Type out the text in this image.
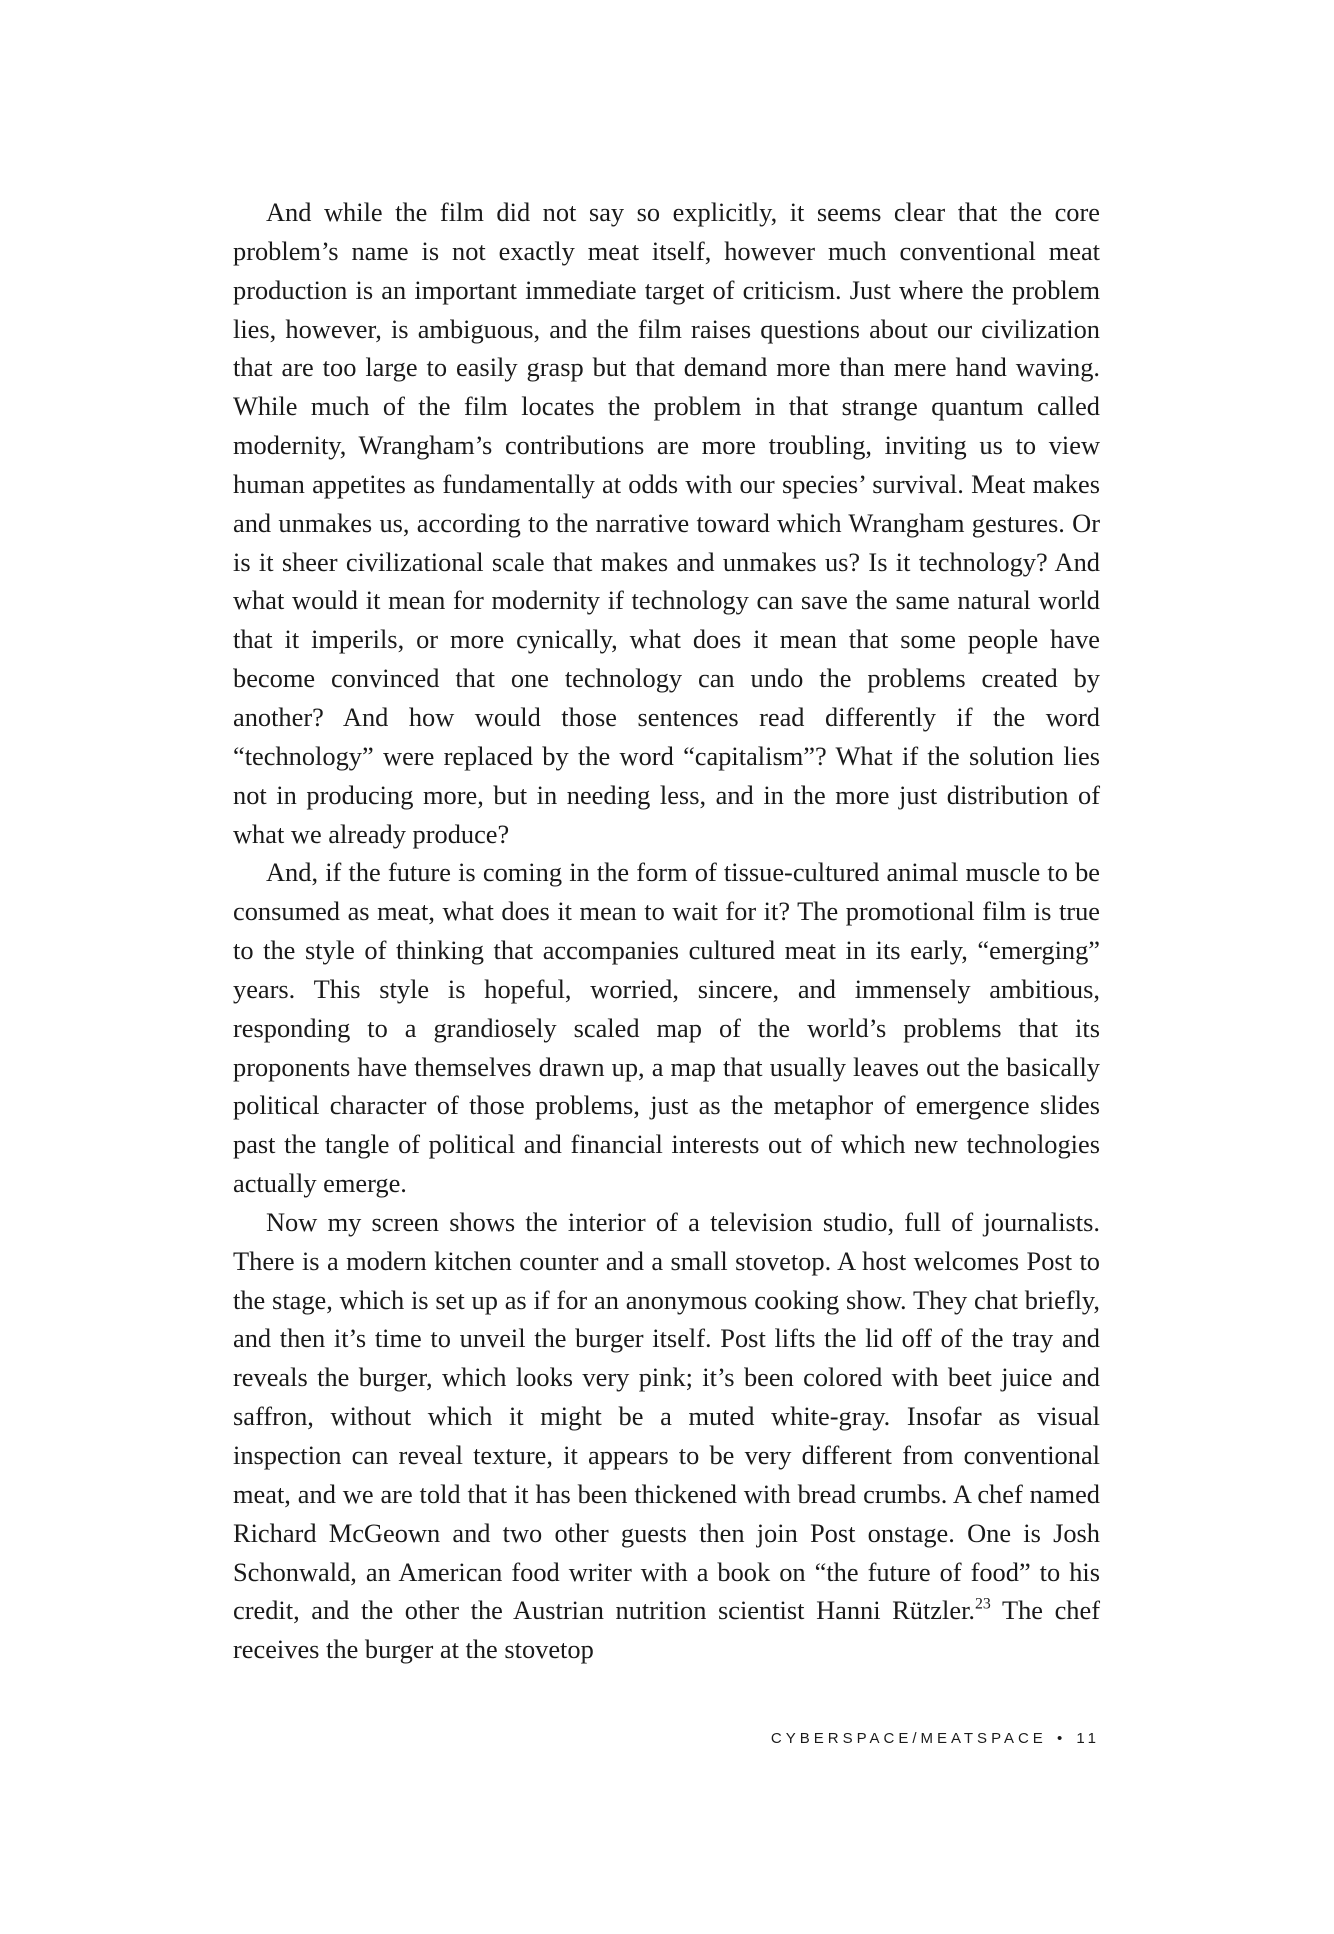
And while the film did not say so explicitly, it seems clear that the core problem’s name is not exactly meat itself, however much conventional meat production is an important immediate target of criticism. Just where the problem lies, however, is ambiguous, and the film raises questions about our civilization that are too large to easily grasp but that demand more than mere hand waving. While much of the film locates the problem in that strange quantum called modernity, Wrangham’s contributions are more troubling, inviting us to view human appetites as fundamentally at odds with our species’ survival. Meat makes and unmakes us, according to the narrative toward which Wrangham gestures. Or is it sheer civilizational scale that makes and unmakes us? Is it technology? And what would it mean for modernity if technology can save the same natural world that it imperils, or more cynically, what does it mean that some people have become convinced that one technology can undo the problems created by another? And how would those sentences read differently if the word “technology” were replaced by the word “capitalism”? What if the solution lies not in producing more, but in needing less, and in the more just distribution of what we already produce?

And, if the future is coming in the form of tissue-cultured animal muscle to be consumed as meat, what does it mean to wait for it? The promotional film is true to the style of thinking that accompanies cultured meat in its early, “emerging” years. This style is hopeful, worried, sincere, and immensely ambitious, responding to a grandiosely scaled map of the world’s problems that its proponents have themselves drawn up, a map that usually leaves out the basically political character of those problems, just as the metaphor of emergence slides past the tangle of political and financial interests out of which new technologies actually emerge.

Now my screen shows the interior of a television studio, full of journalists. There is a modern kitchen counter and a small stovetop. A host welcomes Post to the stage, which is set up as if for an anonymous cooking show. They chat briefly, and then it’s time to unveil the burger itself. Post lifts the lid off of the tray and reveals the burger, which looks very pink; it’s been colored with beet juice and saffron, without which it might be a muted white-gray. Insofar as visual inspection can reveal texture, it appears to be very different from conventional meat, and we are told that it has been thickened with bread crumbs. A chef named Richard McGeown and two other guests then join Post onstage. One is Josh Schonwald, an American food writer with a book on “the future of food” to his credit, and the other the Austrian nutrition scientist Hanni Rützler.$^{23}$ The chef receives the burger at the stovetop

CYBERSPACE/MEATSPACE • 11
